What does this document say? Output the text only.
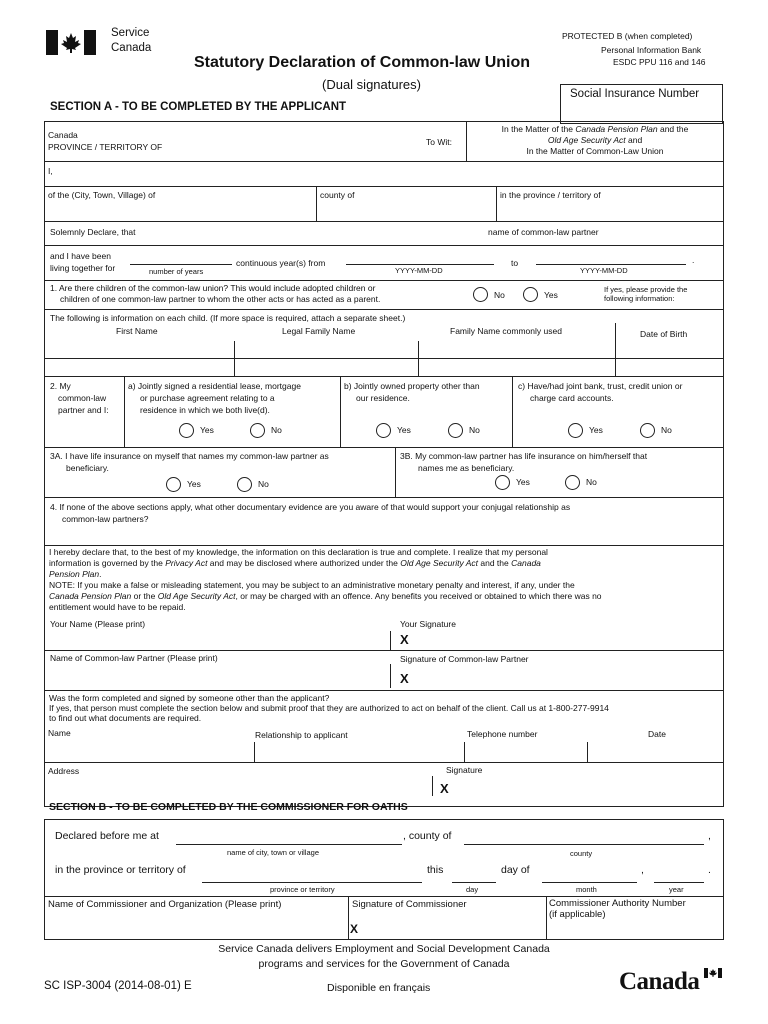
Service
Canada
Statutory Declaration of Common-law Union
(Dual signatures)
PROTECTED B (when completed)
Personal Information Bank
ESDC PPU 116 and 146
Social Insurance Number
SECTION A - TO BE COMPLETED BY THE APPLICANT
Canada
PROVINCE / TERRITORY OF	To Wit:
In the Matter of the Canada Pension Plan and the
Old Age Security Act and
In the Matter of Common-Law Union
I,
of the (City, Town, Village) of	county of	in the province / territory of
Solemnly Declare, that	name of common-law partner
and I have been
living together for	number of years
continuous year(s) from
YYYY-MM-DD
to
YYYY-MM-DD
.
1. Are there children of the common-law union? This would include adopted children or
children of one common-law partner to whom the other acts or has acted as a parent.	No	Yes
If yes, please provide the
following information:
The following is information on each child. (If more space is required, attach a separate sheet.)
First Name	Legal Family Name	Family Name commonly used	Date of Birth
2. My
common-law
partner and I:
a) Jointly signed a residential lease, mortgage
or purchase agreement relating to a
residence in which we both live(d).
Yes	No
b) Jointly owned property other than
our residence.
Yes	No
c) Have/had joint bank, trust, credit union or
charge card accounts.
Yes	No
3A. I have life insurance on myself that names my common-law partner as
beneficiary.
Yes	No
3B. My common-law partner has life insurance on him/herself that
names me as beneficiary.
Yes	No
4. If none of the above sections apply, what other documentary evidence are you aware of that would support your conjugal relationship as
common-law partners?
I hereby declare that, to the best of my knowledge, the information on this declaration is true and complete. I realize that my personal
information is governed by the Privacy Act and may be disclosed where authorized under the Old Age Security Act and the Canada
Pension Plan.
NOTE: If you make a false or misleading statement, you may be subject to an administrative monetary penalty and interest, if any, under the
Canada Pension Plan or the Old Age Security Act, or may be charged with an offence. Any benefits you received or obtained to which there was no
entitlement would have to be repaid.
Your Name (Please print)	Your Signature
X
Name of Common-law Partner (Please print)	Signature of Common-law Partner
X
Was the form completed and signed by someone other than the applicant?
If yes, that person must complete the section below and submit proof that they are authorized to act on behalf of the client. Call us at 1-800-277-9914
to find out what documents are required.
Name	Relationship to applicant	Telephone number	Date
Address	Signature
X
SECTION B - TO BE COMPLETED BY THE COMMISSIONER FOR OATHS
Declared before me at	, county of	,
name of city, town or village	county
in the province or territory of	this	day of	,	.
province or territory	day	month	year
Name of Commissioner and Organization (Please print)	Signature of Commissioner
X
Commissioner Authority Number
(if applicable)
Service Canada delivers Employment and Social Development Canada
programs and services for the Government of Canada
SC ISP-3004 (2014-08-01) E	Disponible en français	Canada
